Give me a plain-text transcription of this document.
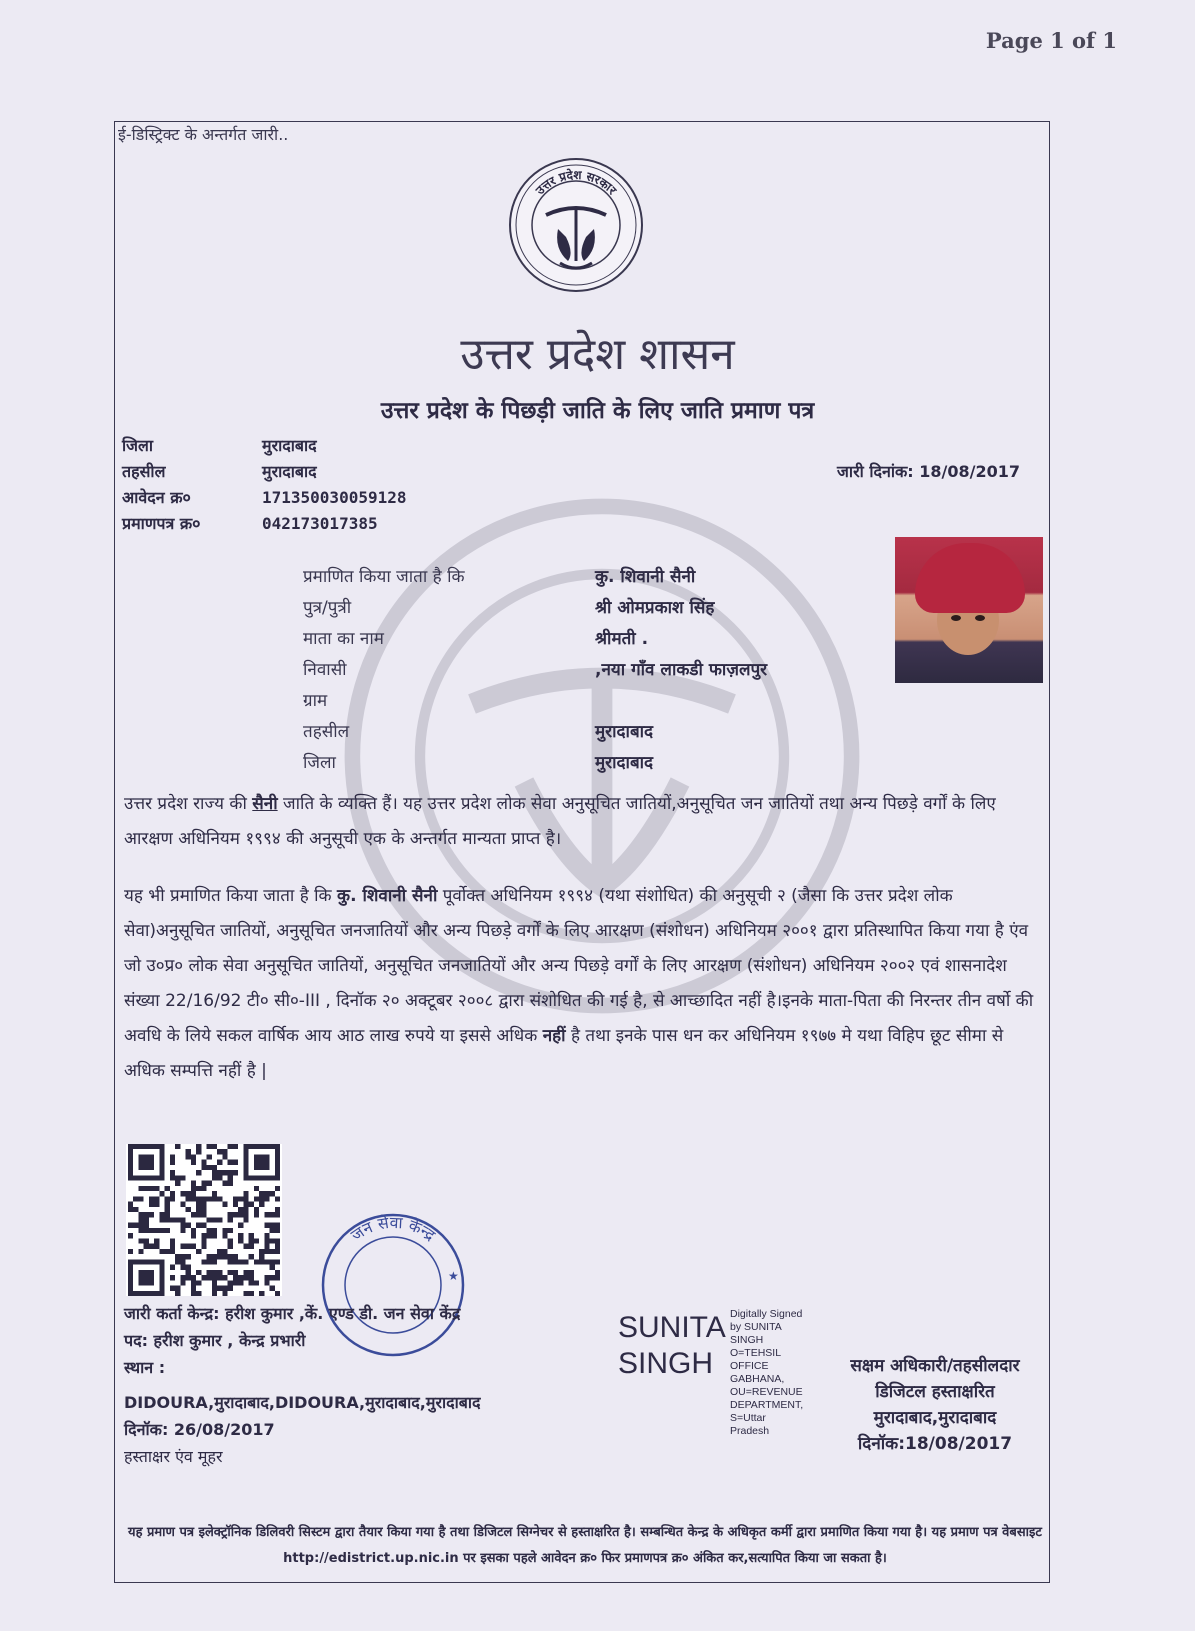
Page 1 of 1
ई-डिस्ट्रिक्ट के अन्तर्गत जारी..
उत्तर प्रदेश सरकार
उत्तर प्रदेश शासन
उत्तर प्रदेश के पिछड़ी जाति के लिए जाति प्रमाण पत्र
जिला	मुरादाबाद
तहसील	मुरादाबाद
आवेदन क्र०	171350030059128
प्रमाणपत्र क्र०	042173017385
जारी दिनांक: 18/08/2017
प्रमाणित किया जाता है कि	कु. शिवानी सैनी
पुत्र/पुत्री	श्री ओमप्रकाश सिंह
माता का नाम	श्रीमती .
निवासी	,नया गाँव लाकडी फाज़लपुर
ग्राम
तहसील	मुरादाबाद
जिला	मुरादाबाद
उत्तर प्रदेश राज्य की सैनी जाति के व्यक्ति हैं। यह उत्तर प्रदेश लोक सेवा अनुसूचित जातियों,अनुसूचित जन जातियों तथा अन्य पिछड़े वर्गों के लिए आरक्षण अधिनियम १९९४ की अनुसूची एक के अन्तर्गत मान्यता प्राप्त है।
यह भी प्रमाणित किया जाता है कि कु. शिवानी सैनी पूर्वोक्त अधिनियम १९९४ (यथा संशोधित) की अनुसूची २ (जैसा कि उत्तर प्रदेश लोक सेवा)अनुसूचित जातियों, अनुसूचित जनजातियों और अन्य पिछड़े वर्गों के लिए आरक्षण (संशोधन) अधिनियम २००१ द्वारा प्रतिस्थापित किया गया है एंव जो उ०प्र० लोक सेवा अनुसूचित जातियों, अनुसूचित जनजातियों और अन्य पिछड़े वर्गों के लिए आरक्षण (संशोधन) अधिनियम २००२ एवं शासनादेश संख्या 22/16/92 टी० सी०-III , दिनॉक २० अक्टूबर २००८ द्वारा संशोधित की गई है, से आच्छादित नहीं है।इनके माता-पिता की निरन्तर तीन वर्षो की अवधि के लिये सकल वार्षिक आय आठ लाख रुपये या इससे अधिक नहीं है तथा इनके पास धन कर अधिनियम १९७७ मे यथा विहिप छूट सीमा से अधिक सम्पत्ति नहीं है |
जन सेवा केन्द्र
★
जारी कर्ता केन्द्र: हरीश कुमार ,कें. एण्ड डी. जन सेवा केंद्र
पद: हरीश कुमार , केन्द्र प्रभारी
स्थान :
DIDOURA,मुरादाबाद,DIDOURA,मुरादाबाद,मुरादाबाद
दिनॉक: 26/08/2017
हस्ताक्षर एंव मूहर
SUNITA
SINGH
Digitally Signed
by SUNITA
SINGH
O=TEHSIL
OFFICE
GABHANA,
OU=REVENUE
DEPARTMENT,
S=Uttar
Pradesh
सक्षम अधिकारी/तहसीलदार
डिजिटल हस्ताक्षरित
मुरादाबाद,मुरादाबाद
दिनॉक:18/08/2017
यह प्रमाण पत्र इलेक्ट्रॉनिक डिलिवरी सिस्टम द्वारा तैयार किया गया है तथा डिजिटल सिग्नेचर से हस्ताक्षरित है। सम्बन्धित केन्द्र के अधिकृत कर्मी द्वारा प्रमाणित किया गया है। यह प्रमाण पत्र वेबसाइट http://edistrict.up.nic.in पर इसका पहले आवेदन क्र० फिर प्रमाणपत्र क्र० अंकित कर,सत्यापित किया जा सकता है।
